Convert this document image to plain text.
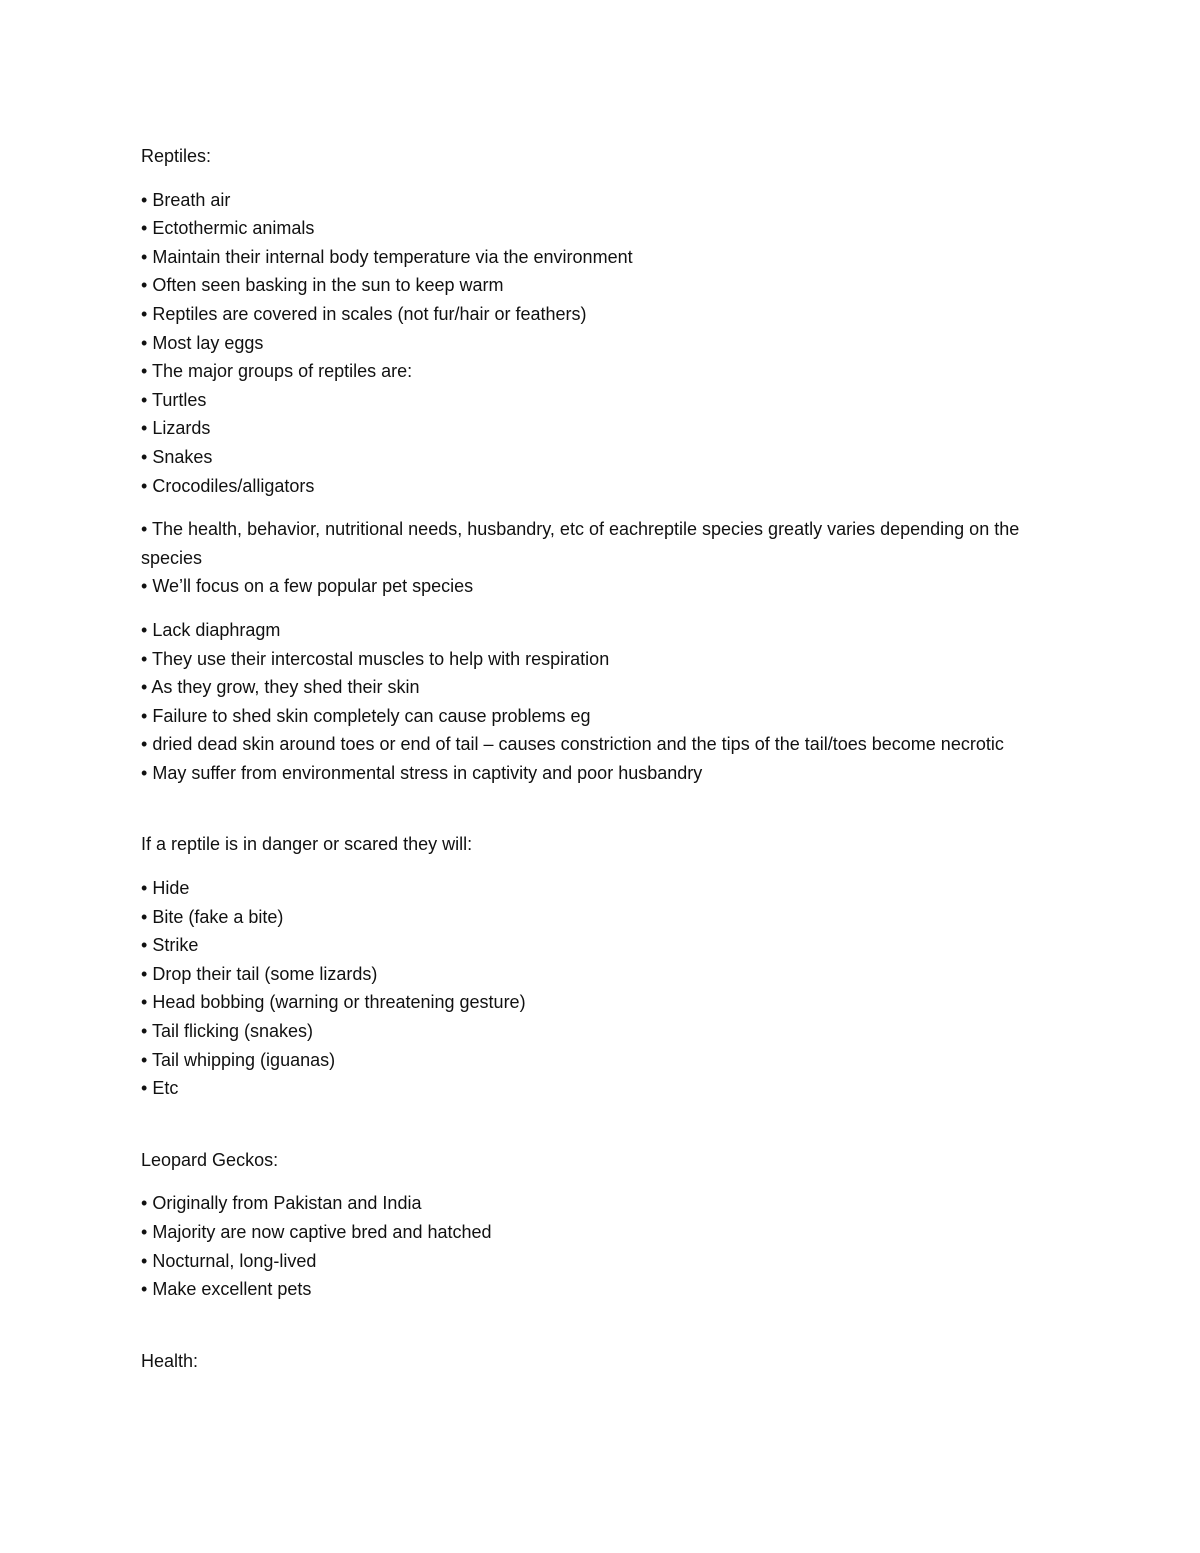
Reptiles:

• Breath air
• Ectothermic animals
• Maintain their internal body temperature via the environment
• Often seen basking in the sun to keep warm
• Reptiles are covered in scales (not fur/hair or feathers)
• Most lay eggs
• The major groups of reptiles are:
• Turtles
• Lizards
• Snakes
• Crocodiles/alligators
• The health, behavior, nutritional needs, husbandry, etc of eachreptile species greatly varies depending on the species
• We’ll focus on a few popular pet species
• Lack diaphragm
• They use their intercostal muscles to help with respiration
• As they grow, they shed their skin
• Failure to shed skin completely can cause problems eg
• dried dead skin around toes or end of tail – causes constriction and the tips of the tail/toes become necrotic
• May suffer from environmental stress in captivity and poor husbandry

If a reptile is in danger or scared they will:

• Hide
• Bite (fake a bite)
• Strike
• Drop their tail (some lizards)
• Head bobbing (warning or threatening gesture)
• Tail flicking (snakes)
• Tail whipping (iguanas)
• Etc

Leopard Geckos:

• Originally from Pakistan and India
• Majority are now captive bred and hatched
• Nocturnal, long-lived
• Make excellent pets

Health:
